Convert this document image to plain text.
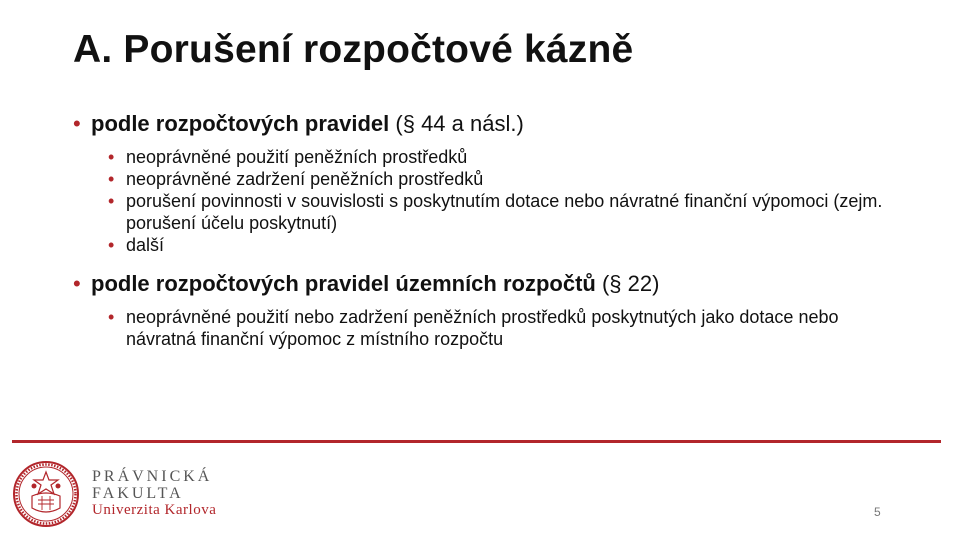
A. Porušení rozpočtové kázně
• podle rozpočtových pravidel (§ 44 a násl.)
• neoprávněné použití peněžních prostředků
• neoprávněné zadržení peněžních prostředků
• porušení povinnosti v souvislosti s poskytnutím dotace nebo návratné finanční výpomoci (zejm. porušení účelu poskytnutí)
• další
• podle rozpočtových pravidel územních rozpočtů (§ 22)
• neoprávněné použití nebo zadržení peněžních prostředků poskytnutých jako dotace nebo návratná finanční výpomoc z místního rozpočtu
PRÁVNICKÁ
FAKULTA
Univerzita Karlova	5
